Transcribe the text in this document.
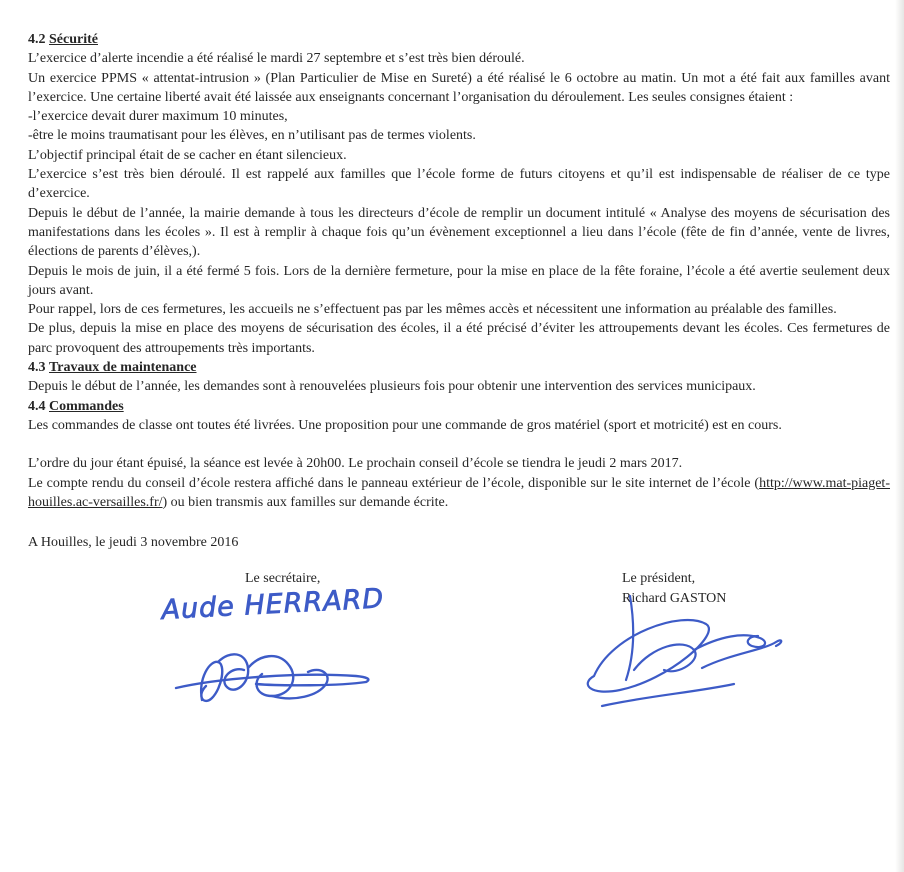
4.2 Sécurité

L’exercice d’alerte incendie a été réalisé le mardi 27 septembre et s’est très bien déroulé.

Un exercice PPMS « attentat-intrusion » (Plan Particulier de Mise en Sureté) a été réalisé le 6 octobre au matin. Un mot a été fait aux familles avant l’exercice. Une certaine liberté avait été laissée aux enseignants concernant l’organisation du déroulement. Les seules consignes étaient :

-l’exercice devait durer maximum 10 minutes,

-être le moins traumatisant pour les élèves, en n’utilisant pas de termes violents.

L’objectif principal était de se cacher en étant silencieux.

L’exercice s’est très bien déroulé. Il est rappelé aux familles que l’école forme de futurs citoyens et qu’il est indispensable de réaliser de ce type d’exercice.

Depuis le début de l’année, la mairie demande à tous les directeurs d’école de remplir un document intitulé « Analyse des moyens de sécurisation des manifestations dans les écoles ». Il est à remplir à chaque fois qu’un évènement exceptionnel a lieu dans l’école (fête de fin d’année, vente de livres, élections de parents d’élèves,).

Depuis le mois de juin, il a été fermé 5 fois. Lors de la dernière fermeture, pour la mise en place de la fête foraine, l’école a été avertie seulement deux jours avant.

Pour rappel, lors de ces fermetures, les accueils ne s’effectuent pas par les mêmes accès et nécessitent une information au préalable des familles.

De plus, depuis la mise en place des moyens de sécurisation des écoles, il a été précisé d’éviter les attroupements devant les écoles. Ces fermetures de parc provoquent des attroupements très importants.

4.3 Travaux de maintenance

Depuis le début de l’année, les demandes sont à renouvelées plusieurs fois pour obtenir une intervention des services municipaux.

4.4 Commandes

Les commandes de classe ont toutes été livrées. Une proposition pour une commande de gros matériel (sport et motricité) est en cours.

L’ordre du jour étant épuisé, la séance est levée à 20h00. Le prochain conseil d’école se tiendra le jeudi 2 mars 2017.
Le compte rendu du conseil d’école restera affiché dans le panneau extérieur de l’école, disponible sur le site internet de l’école (http://www.mat-piaget-houilles.ac-versailles.fr/) ou bien transmis aux familles sur demande écrite.

A Houilles, le jeudi 3 novembre 2016

Le secrétaire,	Le président,
Richard GASTON
Aude HERRARD
